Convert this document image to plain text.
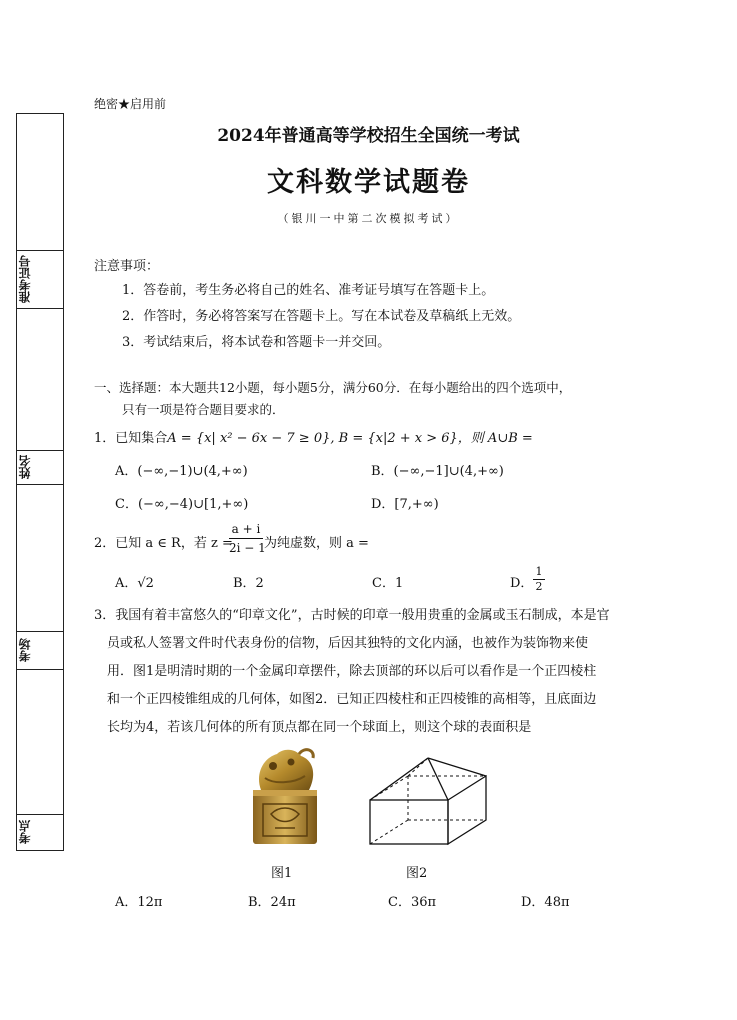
准考证号
姓名
考场
考点
绝密★启用前
2024年普通高等学校招生全国统一考试
文科数学试题卷
（银川一中第二次模拟考试）
注意事项：
1．答卷前，考生务必将自己的姓名、准考证号填写在答题卡上。
2．作答时，务必将答案写在答题卡上。写在本试卷及草稿纸上无效。
3．考试结束后，将本试卷和答题卡一并交回。
一、选择题：本大题共12小题，每小题5分，满分60分．在每小题给出的四个选项中，
只有一项是符合题目要求的．
1．已知集合A = {x| x² − 6x − 7 ≥ 0}, B = {x|2 + x > 6}，则 A∪B =
A．(−∞,−1)∪(4,+∞)	B．(−∞,−1]∪(4,+∞)
C．(−∞,−4)∪[1,+∞)	D．[7,+∞)
2．已知 a ∈ R，若 z =
a + i
2i − 1
为纯虚数，则 a =
A．√2	B．2	C．1	D．
1
2
3．我国有着丰富悠久的“印章文化”，古时候的印章一般用贵重的金属或玉石制成，本是官
员或私人签署文件时代表身份的信物，后因其独特的文化内涵，也被作为装饰物来使
用．图1是明清时期的一个金属印章摆件，除去顶部的环以后可以看作是一个正四棱柱
和一个正四棱锥组成的几何体，如图2．已知正四棱柱和正四棱锥的高相等，且底面边
长均为4，若该几何体的所有顶点都在同一个球面上，则这个球的表面积是
图1	图2
A．12π	B．24π	C．36π	D．48π
